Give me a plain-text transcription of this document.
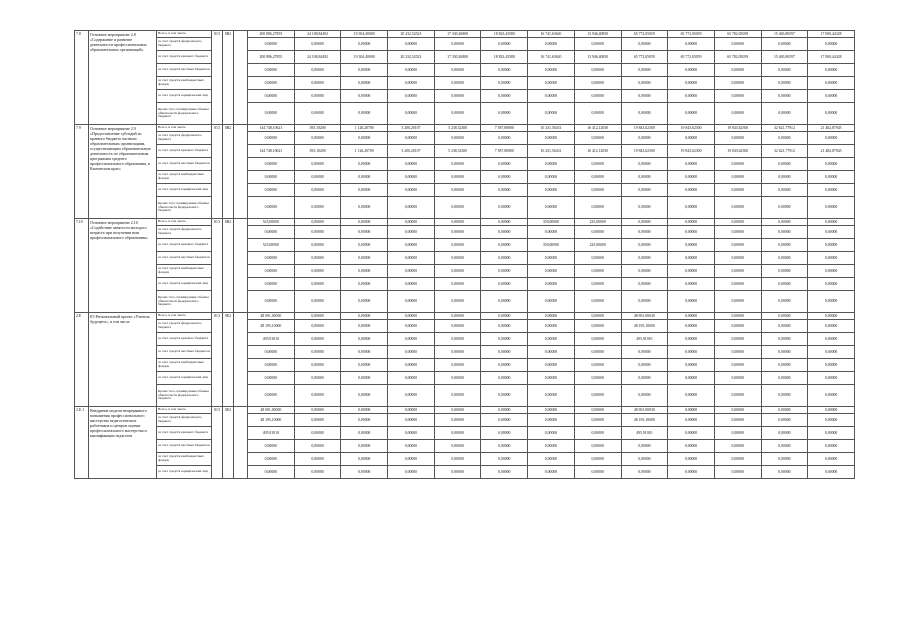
7.8	Основное мероприятие 2.8 «Содержание и развитие деятельности профессиональных образовательных организаций»	Всего, в том числе	813	0В2		200 886,27855	24 108,84492	19 304,40000	20 232,52523	17 330,26800	18 823,43580	16 741,63620	13 946,40850	65 772,05059	65 772,05059	65 782,05059	15 465,80597	17 000,44328
		за счет средств федерального бюджета				0,00000	0,00000	0,00000	0,00000	0,00000	0,00000	0,00000	0,00000	0,00000	0,00000	0,00000	0,00000	0,00000
		за счет средств краевого бюджета				200 886,27855	24 108,84492	19 304,40000	20 232,52523	17 330,26800	18 823,43580	16 741,63620	13 946,40850	65 772,05059	65 772,05059	65 782,05059	15 465,80597	17 000,44328
		за счет средств местных бюджетов				0,00000	0,00000	0,00000	0,00000	0,00000	0,00000	0,00000	0,00000	0,00000	0,00000	0,00000	0,00000	0,00000
		за счет средств внебюджетных фондов				0,00000	0,00000	0,00000	0,00000	0,00000	0,00000	0,00000	0,00000	0,00000	0,00000	0,00000	0,00000	0,00000
		за счет средств юридических лиц				0,00000	0,00000	0,00000	0,00000	0,00000	0,00000	0,00000	0,00000	0,00000	0,00000	0,00000	0,00000	0,00000
		Кроме того, планируемые объемы обязательств федерального бюджета				0,00000	0,00000	0,00000	0,00000	0,00000	0,00000	0,00000	0,00000	0,00000	0,00000	0,00000	0,00000	0,00000
7.9	Основное мероприятие 2.9 «Предоставление субсидий из краевого бюджета частным образовательным организациям, осуществляющим образовательную деятельность по образовательным программам среднего профессионального образования, в Камчатском крае»	Всего, в том числе	813	0В2		144 748,10621	393,10200	1 126,20700	3 200,20107	5 238,52300	7 587,80800	10 231,56431	16 412,12030	19 843,62300	19 843,62300	19 843,62300	32 621,77912	21 482,87945
		за счет средств федерального бюджета				0,00000	0,00000	0,00000	0,00000	0,00000	0,00000	0,00000	0,00000	0,00000	0,00000	0,00000	0,00000	0,00000
		за счет средств краевого бюджета				144 748,10621	393,10200	1 126,20700	3 200,20107	5 238,52300	7 587,80800	10 231,56431	16 412,12030	19 843,62300	19 843,62300	19 843,62300	32 621,77912	21 482,87945
		за счет средств местных бюджетов				0,00000	0,00000	0,00000	0,00000	0,00000	0,00000	0,00000	0,00000	0,00000	0,00000	0,00000	0,00000	0,00000
		за счет средств внебюджетных фондов				0,00000	0,00000	0,00000	0,00000	0,00000	0,00000	0,00000	0,00000	0,00000	0,00000	0,00000	0,00000	0,00000
		за счет средств юридических лиц				0,00000	0,00000	0,00000	0,00000	0,00000	0,00000	0,00000	0,00000	0,00000	0,00000	0,00000	0,00000	0,00000
		Кроме того, планируемые объемы обязательств федерального бюджета				0,00000	0,00000	0,00000	0,00000	0,00000	0,00000	0,00000	0,00000	0,00000	0,00000	0,00000	0,00000	0,00000
7.10	Основное мероприятие 2.10 «Содействие занятости молодого возраста при получении ими профессионального образования»	Всего, в том числе	813	0В2		525,00000	0,00000	0,00000	0,00000	0,00000	0,00000	350,00000	225,00000	0,00000	0,00000	0,00000	0,00000	0,00000
		за счет средств федерального бюджета				0,00000	0,00000	0,00000	0,00000	0,00000	0,00000	0,00000	0,00000	0,00000	0,00000	0,00000	0,00000	0,00000
		за счет средств краевого бюджета				525,00000	0,00000	0,00000	0,00000	0,00000	0,00000	350,00000	225,00000	0,00000	0,00000	0,00000	0,00000	0,00000
		за счет средств местных бюджетов				0,00000	0,00000	0,00000	0,00000	0,00000	0,00000	0,00000	0,00000	0,00000	0,00000	0,00000	0,00000	0,00000
		за счет средств внебюджетных фондов				0,00000	0,00000	0,00000	0,00000	0,00000	0,00000	0,00000	0,00000	0,00000	0,00000	0,00000	0,00000	0,00000
		за счет средств юридических лиц				0,00000	0,00000	0,00000	0,00000	0,00000	0,00000	0,00000	0,00000	0,00000	0,00000	0,00000	0,00000	0,00000
		Кроме того, планируемые объемы обязательств федерального бюджета				0,00000	0,00000	0,00000	0,00000	0,00000	0,00000	0,00000	0,00000	0,00000	0,00000	0,00000	0,00000	0,00000
2.Е	Е5 Региональный проект «Учитель будущего», в том числе	Всего, в том числе	813	0Е2		48 691,00030	0,00000	0,00000	0,00000	0,00000	0,00000	0,00000	0,00000	48 691,00030	0,00000	0,00000	0,00000	0,00000
		за счет средств федерального бюджета				48 195,10000	0,00000	0,00000	0,00000	0,00000	0,00000	0,00000	0,00000	48 195,10000	0,00000	0,00000	0,00000	0,00000
		за счет средств краевого бюджета				495,91010	0,00000	0,00000	0,00000	0,00000	0,00000	0,00000	0,00000	495,91010	0,00000	0,00000	0,00000	0,00000
		за счет средств местных бюджетов				0,00000	0,00000	0,00000	0,00000	0,00000	0,00000	0,00000	0,00000	0,00000	0,00000	0,00000	0,00000	0,00000
		за счет средств внебюджетных фондов				0,00000	0,00000	0,00000	0,00000	0,00000	0,00000	0,00000	0,00000	0,00000	0,00000	0,00000	0,00000	0,00000
		за счет средств юридических лиц				0,00000	0,00000	0,00000	0,00000	0,00000	0,00000	0,00000	0,00000	0,00000	0,00000	0,00000	0,00000	0,00000
		Кроме того, планируемые объемы обязательств федерального бюджета				0,00000	0,00000	0,00000	0,00000	0,00000	0,00000	0,00000	0,00000	0,00000	0,00000	0,00000	0,00000	0,00000
2.Е.1	Внедрение модели непрерывного повышения профессионального мастерства педагогических работников и центров оценки профессионального мастерства и квалификации педагогов	Всего, в том числе	813	0Е2		48 691,00030	0,00000	0,00000	0,00000	0,00000	0,00000	0,00000	0,00000	48 691,00030	0,00000	0,00000	0,00000	0,00000
		за счет средств федерального бюджета				48 195,10000	0,00000	0,00000	0,00000	0,00000	0,00000	0,00000	0,00000	48 195,10000	0,00000	0,00000	0,00000	0,00000
		за счет средств краевого бюджета				495,91010	0,00000	0,00000	0,00000	0,00000	0,00000	0,00000	0,00000	495,91010	0,00000	0,00000	0,00000	0,00000
		за счет средств местных бюджетов				0,00000	0,00000	0,00000	0,00000	0,00000	0,00000	0,00000	0,00000	0,00000	0,00000	0,00000	0,00000	0,00000
		за счет средств внебюджетных фондов				0,00000	0,00000	0,00000	0,00000	0,00000	0,00000	0,00000	0,00000	0,00000	0,00000	0,00000	0,00000	0,00000
		за счет средств юридических лиц				0,00000	0,00000	0,00000	0,00000	0,00000	0,00000	0,00000	0,00000	0,00000	0,00000	0,00000	0,00000	0,00000
